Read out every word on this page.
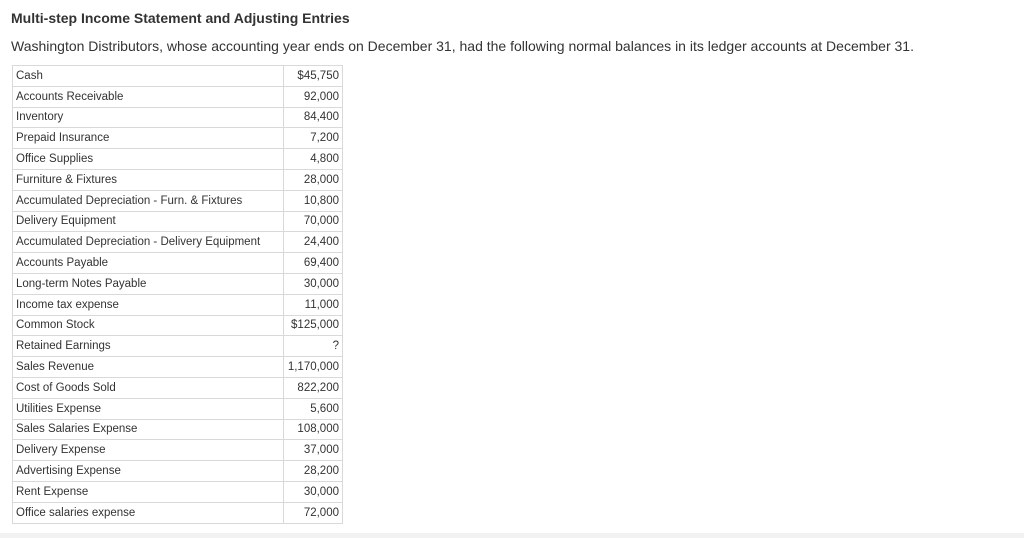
Multi-step Income Statement and Adjusting Entries

Washington Distributors, whose accounting year ends on December 31, had the following normal balances in its ledger accounts at December 31.

Cash	$45,750
Accounts Receivable	92,000
Inventory	84,400
Prepaid Insurance	7,200
Office Supplies	4,800
Furniture & Fixtures	28,000
Accumulated Depreciation - Furn. & Fixtures	10,800
Delivery Equipment	70,000
Accumulated Depreciation - Delivery Equipment	24,400
Accounts Payable	69,400
Long-term Notes Payable	30,000
Income tax expense	11,000
Common Stock	$125,000
Retained Earnings	?
Sales Revenue	1,170,000
Cost of Goods Sold	822,200
Utilities Expense	5,600
Sales Salaries Expense	108,000
Delivery Expense	37,000
Advertising Expense	28,200
Rent Expense	30,000
Office salaries expense	72,000
